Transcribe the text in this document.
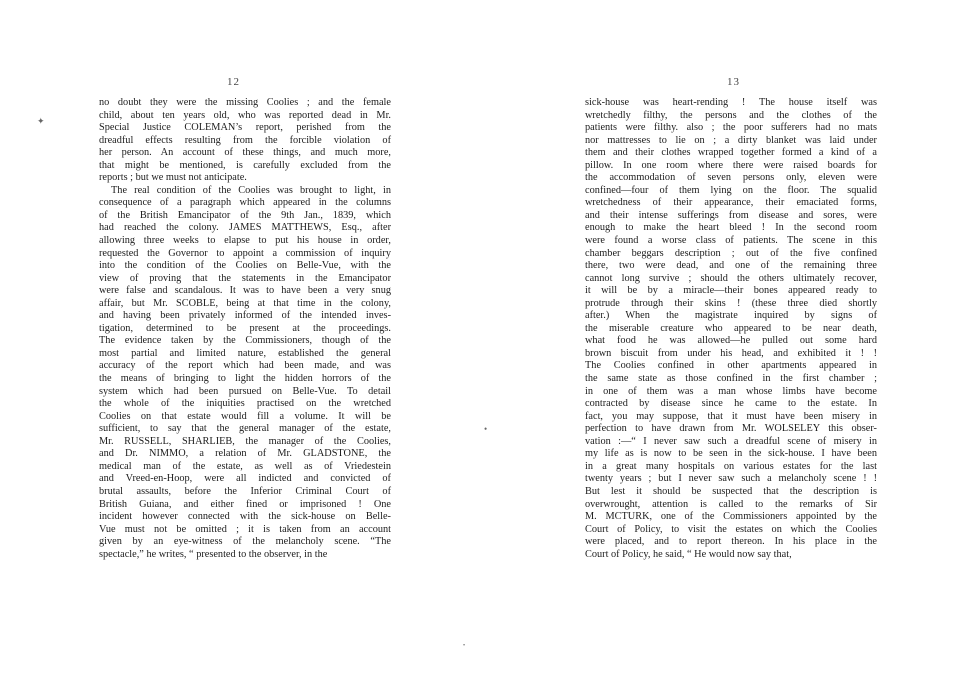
12	13
✦
•
•
no doubt they were the missing Coolies ; and the female
child, about ten years old, who was reported dead in Mr.
Special Justice COLEMAN’s report, perished from the
dreadful effects resulting from the forcible violation of
her person. An account of these things, and much more,
that might be mentioned, is carefully excluded from the
reports ; but we must not anticipate.
The real condition of the Coolies was brought to light, in
consequence of a paragraph which appeared in the columns
of the British Emancipator of the 9th Jan., 1839, which
had reached the colony. JAMES MATTHEWS, Esq., after
allowing three weeks to elapse to put his house in order,
requested the Governor to appoint a commission of inquiry
into the condition of the Coolies on Belle-Vue, with the
view of proving that the statements in the Emancipator
were false and scandalous. It was to have been a very snug
affair, but Mr. SCOBLE, being at that time in the colony,
and having been privately informed of the intended inves-
tigation, determined to be present at the proceedings.
The evidence taken by the Commissioners, though of the
most partial and limited nature, established the general
accuracy of the report which had been made, and was
the means of bringing to light the hidden horrors of the
system which had been pursued on Belle-Vue. To detail
the whole of the iniquities practised on the wretched
Coolies on that estate would fill a volume. It will be
sufficient, to say that the general manager of the estate,
Mr. RUSSELL, SHARLIEB, the manager of the Coolies,
and Dr. NIMMO, a relation of Mr. GLADSTONE, the
medical man of the estate, as well as of Vriedestein
and Vreed-en-Hoop, were all indicted and convicted of
brutal assaults, before the Inferior Criminal Court of
British Guiana, and either fined or imprisoned ! One
incident however connected with the sick-house on Belle-
Vue must not be omitted ; it is taken from an account
given by an eye-witness of the melancholy scene. “The
spectacle,” he writes, “ presented to the observer, in the
sick-house was heart-rending ! The house itself was
wretchedly filthy, the persons and the clothes of the
patients were filthy. also ; the poor sufferers had no mats
nor mattresses to lie on ; a dirty blanket was laid under
them and their clothes wrapped together formed a kind of a
pillow. In one room where there were raised boards for
the accommodation of seven persons only, eleven were
confined—four of them lying on the floor. The squalid
wretchedness of their appearance, their emaciated forms,
and their intense sufferings from disease and sores, were
enough to make the heart bleed ! In the second room
were found a worse class of patients. The scene in this
chamber beggars description ; out of the five confined
there, two were dead, and one of the remaining three
cannot long survive ; should the others ultimately recover,
it will be by a miracle—their bones appeared ready to
protrude through their skins ! (these three died shortly
after.) When the magistrate inquired by signs of
the miserable creature who appeared to be near death,
what food he was allowed—he pulled out some hard
brown biscuit from under his head, and exhibited it ! !
The Coolies confined in other apartments appeared in
the same state as those confined in the first chamber ;
in one of them was a man whose limbs have become
contracted by disease since he came to the estate. In
fact, you may suppose, that it must have been misery in
perfection to have drawn from Mr. WOLSELEY this obser-
vation :—“ I never saw such a dreadful scene of misery in
my life as is now to be seen in the sick-house. I have been
in a great many hospitals on various estates for the last
twenty years ; but I never saw such a melancholy scene ! !
But lest it should be suspected that the description is
overwrought, attention is called to the remarks of Sir
M. MCTURK, one of the Commissioners appointed by the
Court of Policy, to visit the estates on which the Coolies
were placed, and to report thereon. In his place in the
Court of Policy, he said, “ He would now say that,
